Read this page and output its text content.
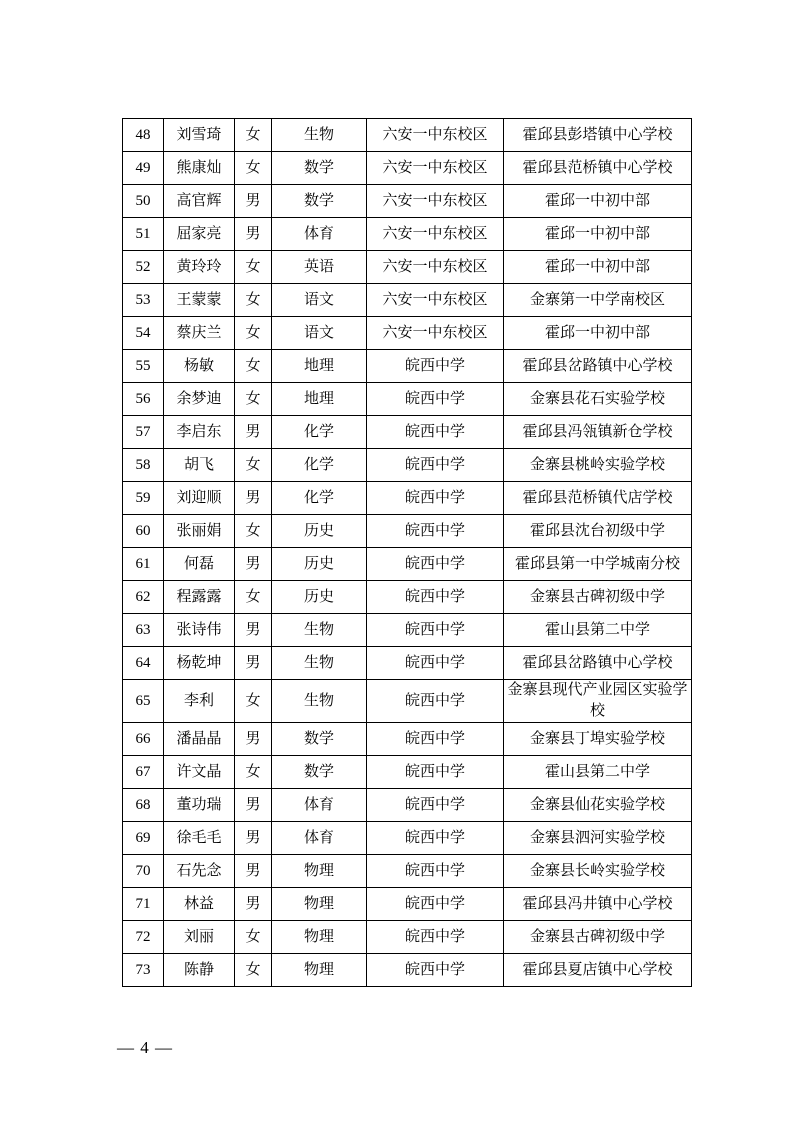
48	刘雪琦	女	生物	六安一中东校区	霍邱县彭塔镇中心学校
49	熊康灿	女	数学	六安一中东校区	霍邱县范桥镇中心学校
50	高官辉	男	数学	六安一中东校区	霍邱一中初中部
51	屈家亮	男	体育	六安一中东校区	霍邱一中初中部
52	黄玲玲	女	英语	六安一中东校区	霍邱一中初中部
53	王蒙蒙	女	语文	六安一中东校区	金寨第一中学南校区
54	蔡庆兰	女	语文	六安一中东校区	霍邱一中初中部
55	杨敏	女	地理	皖西中学	霍邱县岔路镇中心学校
56	余梦迪	女	地理	皖西中学	金寨县花石实验学校
57	李启东	男	化学	皖西中学	霍邱县冯瓴镇新仓学校
58	胡飞	女	化学	皖西中学	金寨县桃岭实验学校
59	刘迎顺	男	化学	皖西中学	霍邱县范桥镇代店学校
60	张丽娟	女	历史	皖西中学	霍邱县沈台初级中学
61	何磊	男	历史	皖西中学	霍邱县第一中学城南分校
62	程露露	女	历史	皖西中学	金寨县古碑初级中学
63	张诗伟	男	生物	皖西中学	霍山县第二中学
64	杨乾坤	男	生物	皖西中学	霍邱县岔路镇中心学校
65	李利	女	生物	皖西中学	金寨县现代产业园区实验学校
66	潘晶晶	男	数学	皖西中学	金寨县丁埠实验学校
67	许文晶	女	数学	皖西中学	霍山县第二中学
68	董功瑞	男	体育	皖西中学	金寨县仙花实验学校
69	徐毛毛	男	体育	皖西中学	金寨县泗河实验学校
70	石先念	男	物理	皖西中学	金寨县长岭实验学校
71	林益	男	物理	皖西中学	霍邱县冯井镇中心学校
72	刘丽	女	物理	皖西中学	金寨县古碑初级中学
73	陈静	女	物理	皖西中学	霍邱县夏店镇中心学校
— 4 —
